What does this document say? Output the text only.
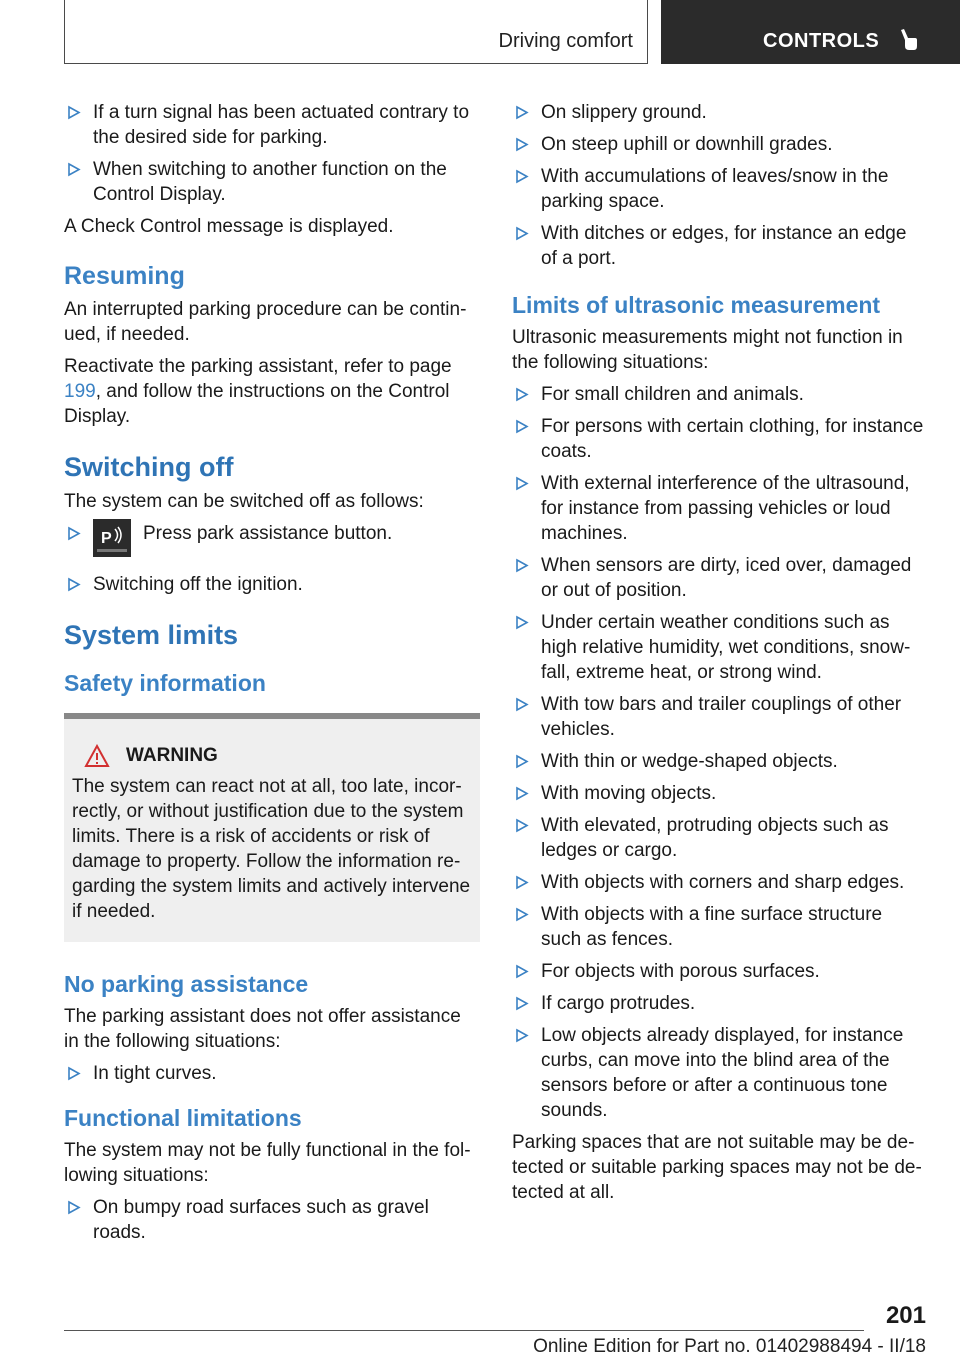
Driving comfort	CONTROLS
If a turn signal has been actuated contrary to the desired side for parking.
When switching to another function on the Control Display.

A Check Control message is displayed.

Resuming

An interrupted parking procedure can be contin-ued, if needed.

Reactivate the parking assistant, refer to page 199, and follow the instructions on the Control Display.

Switching off

The system can be switched off as follows:

P Press park assistance button.
Switching off the ignition.
System limits
Safety information
WARNING

The system can react not at all, too late, incor-rectly, or without justification due to the system limits. There is a risk of accidents or risk of damage to property. Follow the information re-garding the system limits and actively intervene if needed.

No parking assistance

The parking assistant does not offer assistance in the following situations:

In tight curves.
Functional limitations

The system may not be fully functional in the fol-lowing situations:

On bumpy road surfaces such as gravel roads.
On slippery ground.
On steep uphill or downhill grades.
With accumulations of leaves/snow in the parking space.
With ditches or edges, for instance an edge of a port.
Limits of ultrasonic measurement

Ultrasonic measurements might not function in the following situations:

For small children and animals.
For persons with certain clothing, for instance coats.
With external interference of the ultrasound, for instance from passing vehicles or loud machines.
When sensors are dirty, iced over, damaged or out of position.
Under certain weather conditions such as high relative humidity, wet conditions, snow-fall, extreme heat, or strong wind.
With tow bars and trailer couplings of other vehicles.
With thin or wedge-shaped objects.
With moving objects.
With elevated, protruding objects such as ledges or cargo.
With objects with corners and sharp edges.
With objects with a fine surface structure such as fences.
For objects with porous surfaces.
If cargo protrudes.
Low objects already displayed, for instance curbs, can move into the blind area of the sensors before or after a continuous tone sounds.

Parking spaces that are not suitable may be de-tected or suitable parking spaces may not be de-tected at all.

201
Online Edition for Part no. 01402988494 - II/18
